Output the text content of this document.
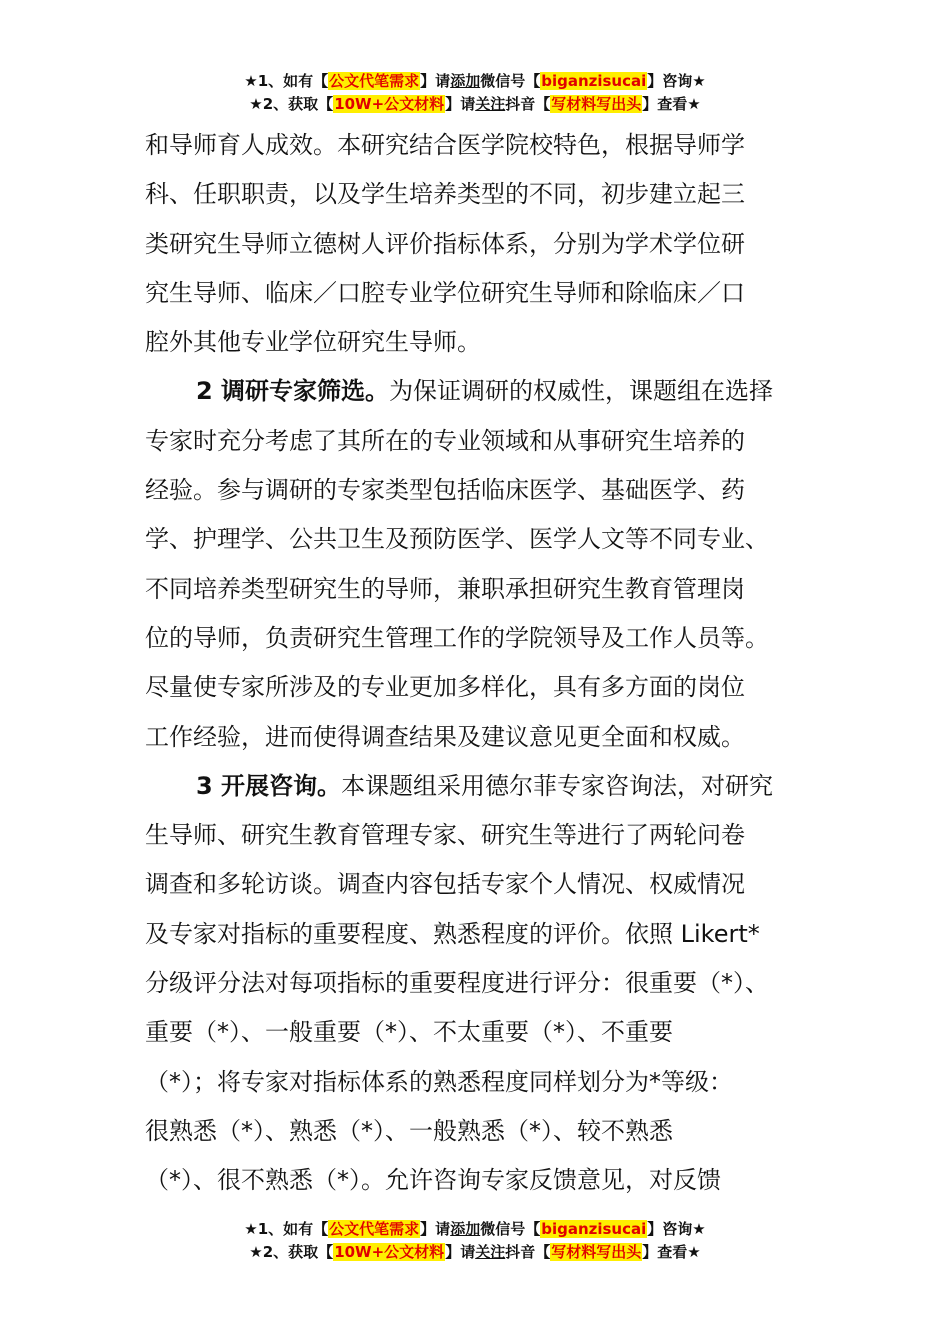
★1、如有【公文代笔需求】请添加微信号【biganzisucai】咨询★
★2、获取【10W+公文材料】请关注抖音【写材料写出头】查看★

和导师育人成效。本研究结合医学院校特色，根据导师学
科、任职职责，以及学生培养类型的不同，初步建立起三
类研究生导师立德树人评价指标体系，分别为学术学位研
究生导师、临床／口腔专业学位研究生导师和除临床／口
腔外其他专业学位研究生导师。

2 调研专家筛选。为保证调研的权威性，课题组在选择
专家时充分考虑了其所在的专业领域和从事研究生培养的
经验。参与调研的专家类型包括临床医学、基础医学、药
学、护理学、公共卫生及预防医学、医学人文等不同专业、
不同培养类型研究生的导师，兼职承担研究生教育管理岗
位的导师，负责研究生管理工作的学院领导及工作人员等。
尽量使专家所涉及的专业更加多样化，具有多方面的岗位
工作经验，进而使得调查结果及建议意见更全面和权威。

3 开展咨询。本课题组采用德尔菲专家咨询法，对研究
生导师、研究生教育管理专家、研究生等进行了两轮问卷
调查和多轮访谈。调查内容包括专家个人情况、权威情况
及专家对指标的重要程度、熟悉程度的评价。依照 Likert*
分级评分法对每项指标的重要程度进行评分：很重要（*）、
重要（*）、一般重要（*）、不太重要（*）、不重要
（*）；将专家对指标体系的熟悉程度同样划分为*等级：
很熟悉（*）、熟悉（*）、一般熟悉（*）、较不熟悉
（*）、很不熟悉（*）。允许咨询专家反馈意见，对反馈

★1、如有【公文代笔需求】请添加微信号【biganzisucai】咨询★
★2、获取【10W+公文材料】请关注抖音【写材料写出头】查看★
